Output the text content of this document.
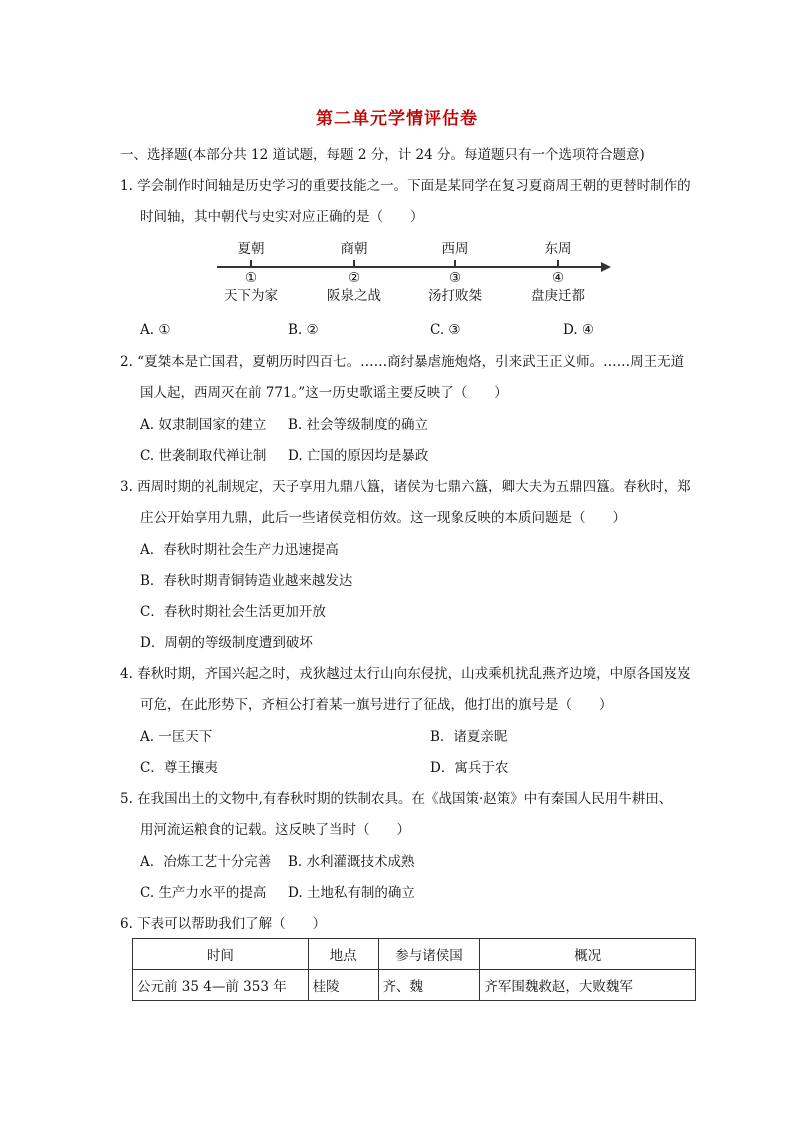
第二单元学情评估卷
一、选择题(本部分共 12 道试题，每题 2 分，计 24 分。每道题只有一个选项符合题意)
1. 学会制作时间轴是历史学习的重要技能之一。下面是某同学在复习夏商周王朝的更替时制作的
时间轴，其中朝代与史实对应正确的是（　　）
夏朝
①
天下为家
商朝
②
阪泉之战
西周
③
汤打败桀
东周
④
盘庚迁都
A. ①	B. ②	C. ③	D. ④
2. “夏桀本是亡国君，夏朝历时四百七。……商纣暴虐施炮烙，引来武王正义师。……周王无道
国人起，西周灭在前 771。”这一历史歌谣主要反映了（　　）
A. 奴隶制国家的建立 B. 社会等级制度的确立
C. 世袭制取代禅让制 D. 亡国的原因均是暴政
3. 西周时期的礼制规定，天子享用九鼎八簋，诸侯为七鼎六簋，卿大夫为五鼎四簋。春秋时，郑
庄公开始享用九鼎，此后一些诸侯竞相仿效。这一现象反映的本质问题是（　　）
A．春秋时期社会生产力迅速提高
B．春秋时期青铜铸造业越来越发达
C．春秋时期社会生活更加开放
D．周朝的等级制度遭到破坏
4. 春秋时期，齐国兴起之时，戎狄越过太行山向东侵扰，山戎乘机扰乱燕齐边境，中原各国岌岌
可危，在此形势下，齐桓公打着某一旗号进行了征战，他打出的旗号是（　　）
A. 一匡天下	B．诸夏亲昵
C．尊王攘夷	D．寓兵于农
5. 在我国出土的文物中,有春秋时期的铁制农具。在《战国策·赵策》中有秦国人民用牛耕田、
用河流运粮食的记载。这反映了当时（　　）
A．冶炼工艺十分完善 B. 水利灌溉技术成熟
C. 生产力水平的提高 D. 土地私有制的确立
6. 下表可以帮助我们了解（　　）
时间	地点	参与诸侯国	概况
公元前 35 4—前 353 年	桂陵	齐、魏	齐军围魏救赵，大败魏军
